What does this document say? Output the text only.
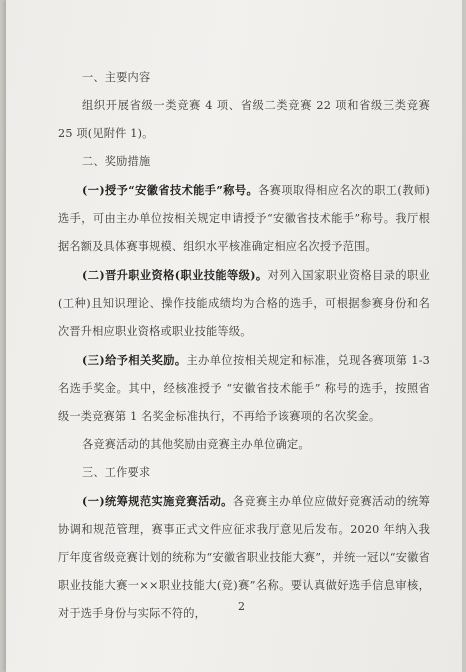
一、主要内容

组织开展省级一类竞赛 4 项、省级二类竞赛 22 项和省级三类竞赛 25 项(见附件 1)。

二、奖励措施

(一)授予“安徽省技术能手”称号。各赛项取得相应名次的职工(教师)选手，可由主办单位按相关规定申请授予“安徽省技术能手”称号。我厅根据名额及具体赛事规模、组织水平核准确定相应名次授予范围。

(二)晋升职业资格(职业技能等级)。对列入国家职业资格目录的职业(工种)且知识理论、操作技能成绩均为合格的选手，可根据参赛身份和名次晋升相应职业资格或职业技能等级。

(三)给予相关奖励。主办单位按相关规定和标准，兑现各赛项第 1-3 名选手奖金。其中，经核准授予 “安徽省技术能手” 称号的选手，按照省级一类竞赛第 1 名奖金标准执行，不再给予该赛项的名次奖金。

各竞赛活动的其他奖励由竞赛主办单位确定。

三、工作要求

(一)统筹规范实施竞赛活动。各竞赛主办单位应做好竞赛活动的统筹协调和规范管理，赛事正式文件应征求我厅意见后发布。2020 年纳入我厅年度省级竞赛计划的统称为“安徽省职业技能大赛”，并统一冠以“安徽省职业技能大赛一××职业技能大(竞)赛”名称。要认真做好选手信息审核，对于选手身份与实际不符的，

2
